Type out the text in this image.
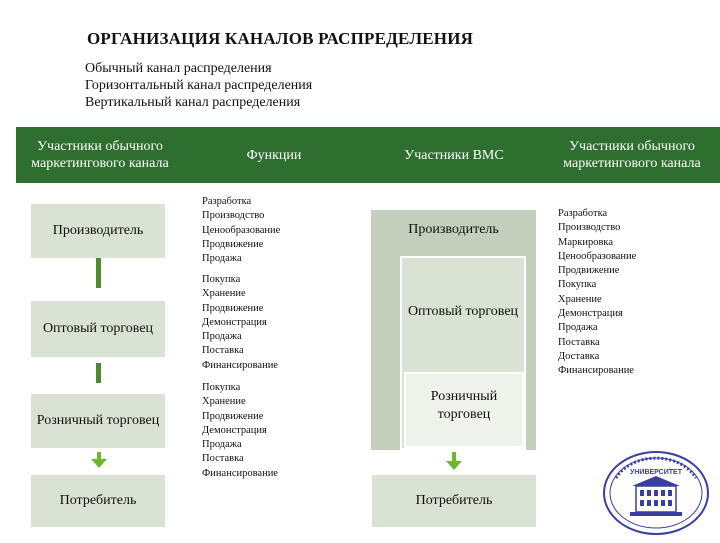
ОРГАНИЗАЦИЯ КАНАЛОВ РАСПРЕДЕЛЕНИЯ
Обычный канал распределения
Горизонтальный канал распределения
Вертикальный канал распределения
Участники обычного маркетингового канала
Функции	Участники ВМС
Участники обычного маркетингового канала
Производитель
Оптовый торговец
Розничный торговец
Потребитель
Разработка
Производство
Ценообразование
Продвижение
Продажа
Покупка
Хранение
Продвижение
Демонстрация
Продажа
Поставка
Финансирование
Покупка
Хранение
Продвижение
Демонстрация
Продажа
Поставка
Финансирование
Производитель
Оптовый торговец
Розничный торговец
Потребитель
Разработка
Производство
Маркировка
Ценообразование
Продвижение
Покупка
Хранение
Демонстрация
Продажа
Поставка
Доставка
Финансирование
УНИВЕРСИТЕТ
